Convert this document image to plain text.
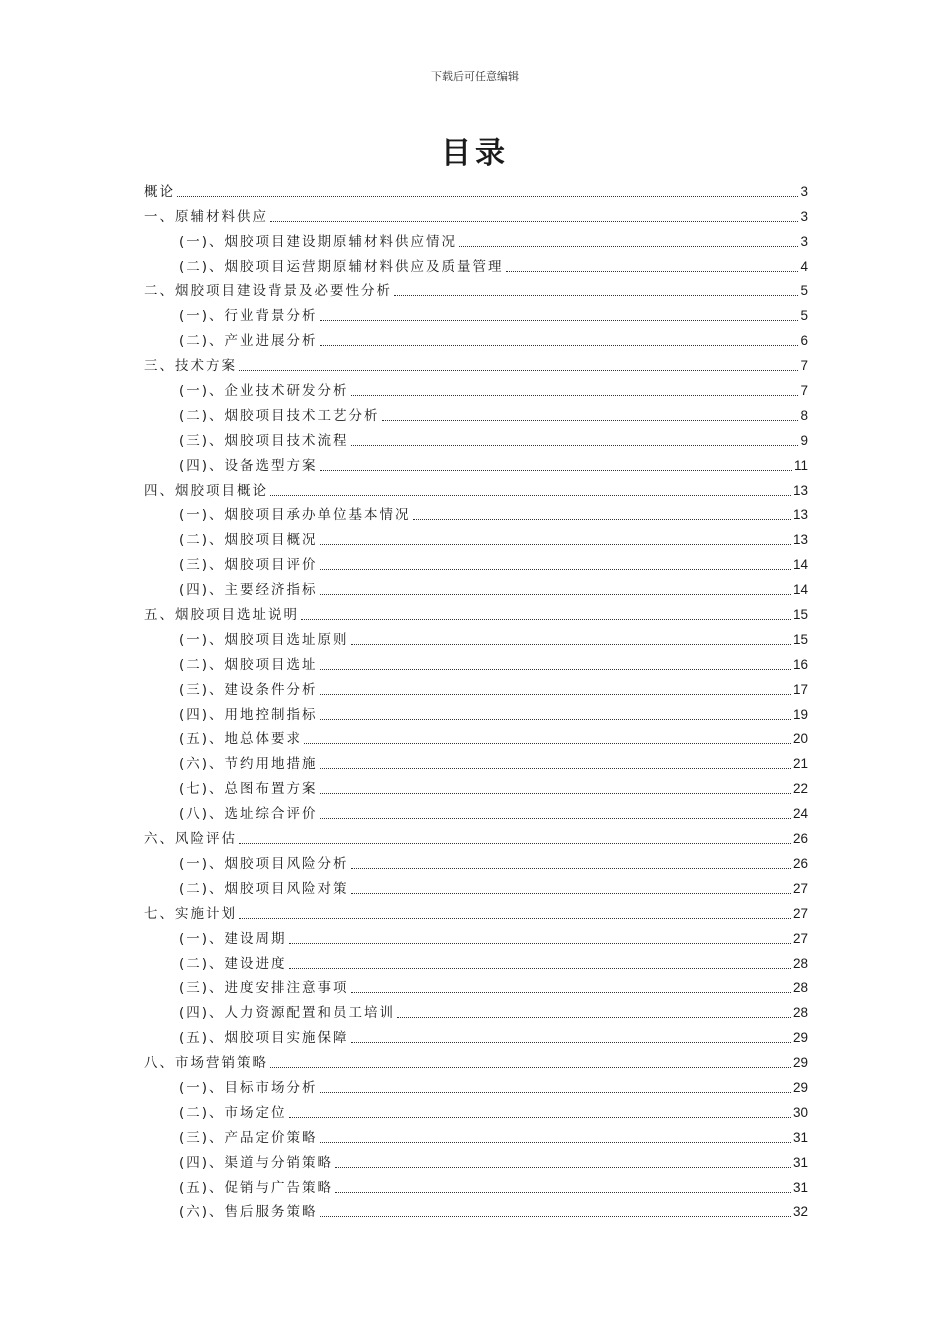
下载后可任意编辑
目录
概论	3
一、原辅材料供应	3
(一)、烟胶项目建设期原辅材料供应情况	3
(二)、烟胶项目运营期原辅材料供应及质量管理	4
二、烟胶项目建设背景及必要性分析	5
(一)、行业背景分析	5
(二)、产业进展分析	6
三、技术方案	7
(一)、企业技术研发分析	7
(二)、烟胶项目技术工艺分析	8
(三)、烟胶项目技术流程	9
(四)、设备选型方案	11
四、烟胶项目概论	13
(一)、烟胶项目承办单位基本情况	13
(二)、烟胶项目概况	13
(三)、烟胶项目评价	14
(四)、主要经济指标	14
五、烟胶项目选址说明	15
(一)、烟胶项目选址原则	15
(二)、烟胶项目选址	16
(三)、建设条件分析	17
(四)、用地控制指标	19
(五)、地总体要求	20
(六)、节约用地措施	21
(七)、总图布置方案	22
(八)、选址综合评价	24
六、风险评估	26
(一)、烟胶项目风险分析	26
(二)、烟胶项目风险对策	27
七、实施计划	27
(一)、建设周期	27
(二)、建设进度	28
(三)、进度安排注意事项	28
(四)、人力资源配置和员工培训	28
(五)、烟胶项目实施保障	29
八、市场营销策略	29
(一)、目标市场分析	29
(二)、市场定位	30
(三)、产品定价策略	31
(四)、渠道与分销策略	31
(五)、促销与广告策略	31
(六)、售后服务策略	32
